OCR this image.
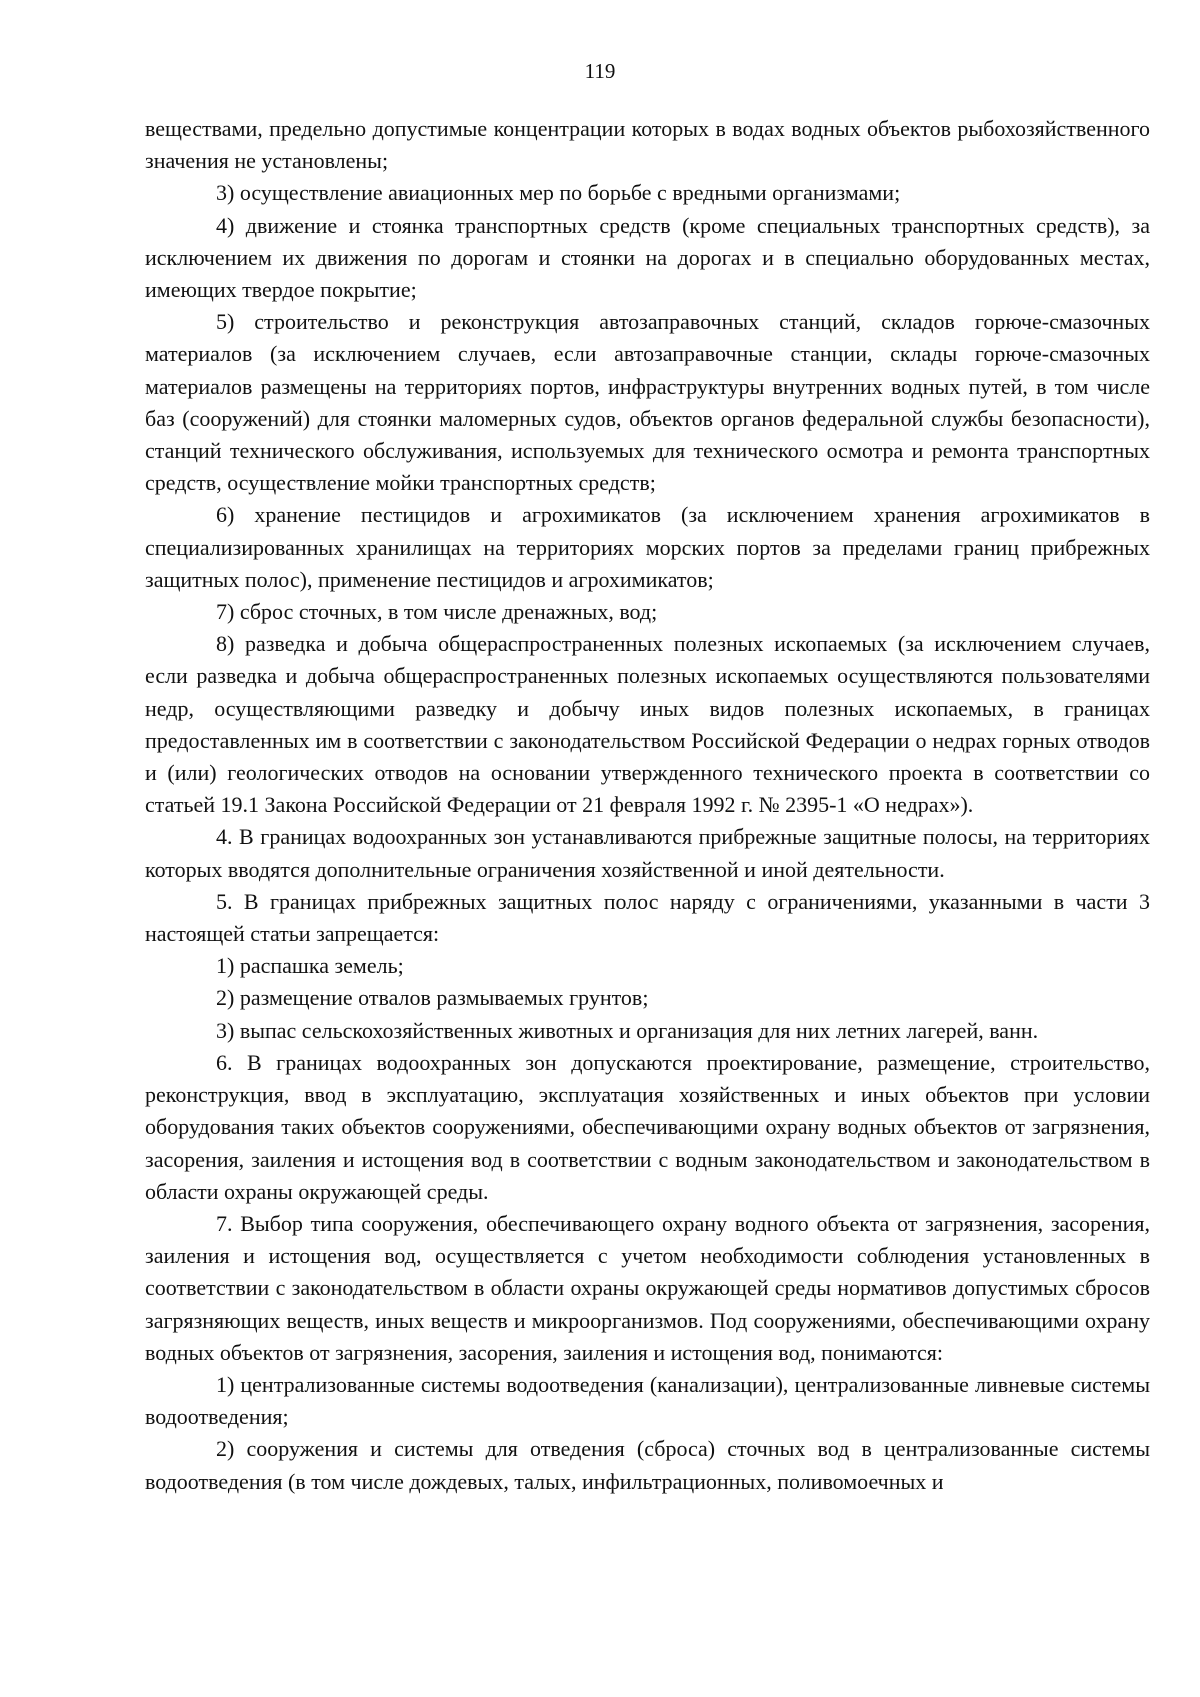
119

веществами, предельно допустимые концентрации которых в водах водных объектов рыбохозяйственного значения не установлены;

3) осуществление авиационных мер по борьбе с вредными организмами;

4) движение и стоянка транспортных средств (кроме специальных транспортных средств), за исключением их движения по дорогам и стоянки на дорогах и в специально оборудованных местах, имеющих твердое покрытие;

5) строительство и реконструкция автозаправочных станций, складов горюче-смазочных материалов (за исключением случаев, если автозаправочные станции, склады горюче-смазочных материалов размещены на территориях портов, инфраструктуры внутренних водных путей, в том числе баз (сооружений) для стоянки маломерных судов, объектов органов федеральной службы безопасности), станций технического обслуживания, используемых для технического осмотра и ремонта транспортных средств, осуществление мойки транспортных средств;

6) хранение пестицидов и агрохимикатов (за исключением хранения агрохимикатов в специализированных хранилищах на территориях морских портов за пределами границ прибрежных защитных полос), применение пестицидов и агрохимикатов;

7) сброс сточных, в том числе дренажных, вод;

8) разведка и добыча общераспространенных полезных ископаемых (за исключением случаев, если разведка и добыча общераспространенных полезных ископаемых осуществляются пользователями недр, осуществляющими разведку и добычу иных видов полезных ископаемых, в границах предоставленных им в соответствии с законодательством Российской Федерации о недрах горных отводов и (или) геологических отводов на основании утвержденного технического проекта в соответствии со статьей 19.1 Закона Российской Федерации от 21 февраля 1992 г. № 2395-1 «О недрах»).

4. В границах водоохранных зон устанавливаются прибрежные защитные полосы, на территориях которых вводятся дополнительные ограничения хозяйственной и иной деятельности.

5. В границах прибрежных защитных полос наряду с ограничениями, указанными в части 3 настоящей статьи запрещается:

1) распашка земель;

2) размещение отвалов размываемых грунтов;

3) выпас сельскохозяйственных животных и организация для них летних лагерей, ванн.

6. В границах водоохранных зон допускаются проектирование, размещение, строительство, реконструкция, ввод в эксплуатацию, эксплуатация хозяйственных и иных объектов при условии оборудования таких объектов сооружениями, обеспечивающими охрану водных объектов от загрязнения, засорения, заиления и истощения вод в соответствии с водным законодательством и законодательством в области охраны окружающей среды.

7. Выбор типа сооружения, обеспечивающего охрану водного объекта от загрязнения, засорения, заиления и истощения вод, осуществляется с учетом необходимости соблюдения установленных в соответствии с законодательством в области охраны окружающей среды нормативов допустимых сбросов загрязняющих веществ, иных веществ и микроорганизмов. Под сооружениями, обеспечивающими охрану водных объектов от загрязнения, засорения, заиления и истощения вод, понимаются:

1) централизованные системы водоотведения (канализации), централизованные ливневые системы водоотведения;

2) сооружения и системы для отведения (сброса) сточных вод в централизованные системы водоотведения (в том числе дождевых, талых, инфильтрационных, поливомоечных и
